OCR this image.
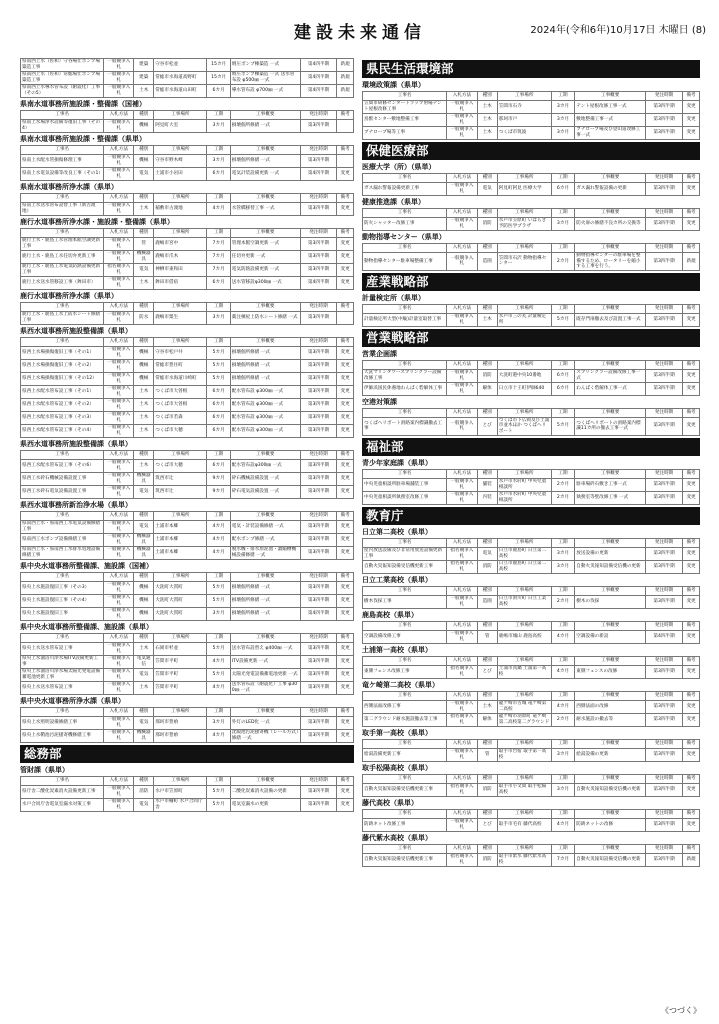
建設未来通信	2024年(令和6年)10月17日 木曜日 (8)
県南西上水（佐和）守谷場仕ポンプ場築造工事	一般競争入札	建築	守谷市松並	15カ月	増圧ポンプ棟築造 一式	第4四半期	新規
県南西上水（佐和）常総場仕ポンプ場築造工事	一般競争入札	建築	常総市水海道高野町	15カ月	増圧ポンプ棟築造 一式 送水管布設 φ500㎜ 一式	第4四半期	新規
県南西上水導水管布設（耐震化）工事（その5）	一般競争入札	土木	常総市水海道山田町	6カ月	導水管布設 φ700㎜ 一式	第4四半期	新規
県南水道事務所施設課・整備課（国補）
工事名	入札方法	種別	工事場所	工期	工事概要	発注時期	備考
県南上水場浄水設備等復旧工事（その4）	一般競争入札	機械	阿見町大室	3カ月	損壊個所修繕 一式	第3四半期	
県南水道事務所施設課・整備課（県単）
工事名	入札方法	種別	工事場所	工期	工事概要	発注時期	備考
県南上水配水管損傷修理工事	一般競争入札	機械	守谷市野木崎	3カ月	損壊個所修繕 一式	第3四半期	
県南上水電気設備等改良工事（その1）	一般競争入札	電気	土浦市小岩田	6カ月	電気計装設備更新 一式	第4四半期	変更
県南水道事務所浄水課（県単）
工事名	入札方法	種別	工事場所	工期	工事概要	発注時期	備考
県南上水送水管布設替工事（新古渡地）	一般競争入札	土木	稲敷市古渡地	4カ月	水管橋移替工事 一式	第3四半期	変更
鹿行水道事務所浄水課・施設課・整備課（県単）
工事名	入札方法	種別	工事場所	工期	工事概要	発注時期	備考
鹿行上水・鹿島工水管理本館空調更新工事	一般競争入札	管	鹿嶋市宮中	7カ月	管理本館空調更新 一式	第3四半期	変更
鹿行上水・鹿島工水任切弁更新工事	一般競争入札	機械器具	鹿嶋市爪木	7カ月	任切弁更新 一式	第3四半期	変更
鹿行上水・鹿島工水電気防熱設備更新工事	指名競争入札	電気	神栖市東和田	7カ月	電気防熱設備更新 一式	第3四半期	変更
鹿行上水送水管移設工事（鉾田市）	一般競争入札	土木	鉾田市借宿	6カ月	送水管移設φ300㎜ 一式	第4四半期	変更
鹿行水道事務所浄水課（県単）
工事名	入札方法	種別	工事場所	工期	工事概要	発注時期	備考
鹿行上水・鹿島工水上防水シート修繕工事	一般競争入札	防水	鹿嶋市粟生	3カ月	薬注棟屋上防水シート修繕 一式	第3四半期	
県西水道事務所施設整備課（県単）
工事名	入札方法	種別	工事場所	工期	工事概要	発注時期	備考
県西上水場損傷復旧工事（その1）	一般競争入札	機械	守谷市松戸井	5カ月	損壊個所修繕 一式	第3四半期	変更
県西上水場損傷復旧工事（その2）	一般競争入札	機械	常総市豊住町	5カ月	損壊個所修繕 一式	第3四半期	変更
県西上水場損傷復旧工事（その12）	一般競争入札	機械	常総市水海道川崎町	5カ月	損壊個所修繕 一式	第3四半期	変更
県西上水配水管布設工事（その1）	一般競争入札	土木	つくば市大曽根	6カ月	配水管布設 φ300㎜ 一式	第3四半期	変更
県西上水配水管布設工事（その2）	一般競争入札	土木	つくば市大曽根	6カ月	配水管布設 φ300㎜ 一式	第3四半期	変更
県西上水配水管布設工事（その3）	一般競争入札	土木	つくば市若森	6カ月	配水管布設 φ300㎜ 一式	第3四半期	変更
県西上水配水管布設工事（その4）	一般競争入札	土木	つくば市大穂	6カ月	配水管布設 φ300㎜ 一式	第3四半期	変更
県西水道事務所施設整備課（県単）
工事名	入札方法	種別	工事場所	工期	工事概要	発注時期	備考
県西工水配水管布設工事（その6）	一般競争入札	土木	つくば市大穂	6カ月	配水管布設φ300㎜ 一式	第3四半期	変更
県西工水砕石機械設備設置工事	一般競争入札	機械器具	筑西市辻	9カ月	砕石機械設備設置 一式	第3四半期	変更
県西工水砕石電気設備設置工事	一般競争入札	電気	筑西市辻	9カ月	砕石電気設備設置 一式	第3四半期	変更
県西水道事務所新治浄水場（県単）
工事名	入札方法	種別	工事場所	工期	工事概要	発注時期	備考
県南西上水・県南西工水電気設備修繕工事	一般競争入札	電気	土浦市本郷	4カ月	電気・計装設備修繕 一式	第3四半期	変更
県南西工水ポンプ設備修繕工事	一般競争入札	機械器具	土浦市本郷	4カ月	配水ポンプ修繕 一式	第3四半期	変更
県南西上水・県南西工水排水処理設備修繕工事	一般競争入札	機械器具	土浦市本郷	4カ月	脱水機・排水原泥池・濃縮槽機械設備修繕 一式	第3四半期	変更
県中央水道事務所整備課、施設課（国補）
工事名	入札方法	種別	工事場所	工期	工事概要	発注時期	備考
県央上水施設復旧工事（その3）	一般競争入札	機械	大洗町大貫町	5カ月	損壊個所修繕 一式	第3四半期	変更
県央上水施設復旧工事（その4）	一般競争入札	機械	大洗町大貫町	5カ月	損壊個所修繕 一式	第3四半期	変更
県央上水施設復旧工事	一般競争入札	機械	大洗町大貫町	3カ月	損壊個所修繕 一式	第4四半期	変更
県中央水道事務所整備課、施設課（県単）
工事名	入札方法	種別	工事場所	工期	工事概要	発注時期	備考
県央上水送水管布設工事	一般競争入札	土木	石岡市杉並	5カ月	送水管布設替え φ400㎜ 一式	第3四半期	変更
県央上水涸沼川浄水場ITV設備更新工事	一般競争入札	電気通信	笠間市平町	4カ月	ITV設備更新 一式	第3四半期	変更
県央上水涸沼川浄水場太陽光発電設備蓄電池更新工事	一般競争入札	電気	笠間市平町	5カ月	太陽光発電設備蓄電池更新 一式	第3四半期	変更
県央上水送水管布設工事	一般競争入札	土木	笠間市平町	4カ月	送水管布設（耐震化）工事 φ300㎜ 一式	第3四半期	変更
県中央水道事務所浄水課（県単）
工事名	入札方法	種別	工事場所	工期	工事概要	発注時期	備考
県央上水照明設備修繕工事	一般競争入札	電気	那珂市豊喰	3カ月	外灯のLED化 一式	第3四半期	変更
県央上水鞘池汚泥搔寄機修繕工事	一般競争入札	機械器具	那珂市豊喰	4カ月	沈殿池汚泥掻寄機（レール方式）修繕 一式	第3四半期	変更
総務部
管財課（県単）
工事名	入札方法	種別	工事場所	工期	工事概要	発注時期	備考
県庁舎二酸化炭素消火設備更新工事	一般競争入札	消防	水戸市笠原町	5カ月	二酸化炭素消火設備の更新	第3四半期	変更
水戸合同庁舎電気室漏水対策工事	一般競争入札	電気	水戸市柵町 水戸合同庁舎	5カ月	電気室漏水の更新	第3四半期	変更
県民生活環境部
環境政策課（県単）
工事名	入札方法	種別	工事場所	工期	工事概要	発注時期	備考
笠間市研修センタートラップ射場テント屋根改修工事	一般競争入札	土木	笠間市石寺	3カ月	テント屋根改修工事一式	第3四半期	変更
鳥獣センター敷地整備工事	一般競争入札	土木	那珂市戸	3カ月	敷地整備工事一式	第3四半期	変更
ブナロープ場等工事	一般競争入札	土木	つくば市筑波	3カ月	ブナロープ場及び登山道改修工事一式	第3四半期	変更
保健医療部
医療大学（所）（県単）
工事名	入札方法	種別	工事場所	工期	工事概要	発注時期	備考
ガス漏れ警報設備更新工事	一般競争入札	電気	阿見町阿見 医療大学	6カ月	ガス漏れ警報設備の更新	第3四半期	変更
健康推進課（県単）
工事名	入札方法	種別	工事場所	工期	工事概要	発注時期	備考
防火シャッター改修工事	一般競争入札	消防	水戸市笠原町 いばらき予防医学プラザ	3カ月	防火扉の修繕不良カ所の交換等	第3四半期	変更
動物指導センター（県単）
工事名	入札方法	種別	工事場所	工期	工事概要	発注時期	備考
動物指導センター駐車場整備工事	一般競争入札	造園	笠間市石沢 動物指導センター	2カ月	動物指導センターの駐車場を整備するため、ロータリーを縮小する工事を行う。	第3四半期	新規
産業戦略部
計量検定所（県単）
工事名	入札方法	種別	工事場所	工期	工事概要	発注時期	備考
計量検定所大型(中級)計量室取替工事	一般競争入札	土木	水戸市三の丸 計量検定所	5カ月	既存門扉撤去及び設置工事一式	第3四半期	変更
営業戦略部
営業企画課
工事名	入札方法	種別	工事場所	工期	工事概要	発注時期	備考
大洗マリンタワースプリンクラー設備改修工事	一般競争入札	消防	大洗町港中央10番地	6カ月	スプリンクラー設備改修工事一式	第3四半期	変更
伊師浜国民休養地わんぱく砦解体工事	一般競争入札	解体	日立市十王町伊師640	6カ月	わんぱく砦解体工事一式	第3四半期	変更
空港対策課
工事名	入札方法	種別	工事場所	工期	工事概要	発注時期	備考
つくばヘリポート滑路案内標識撤去工事	一般競争入札	とび	つくば市下広岡及び土浦市並木ほか つくばヘリポート	5カ月	つくばヘリポートの滑路案内標識11カ所の撤去工事一式	第3四半期	変更
福祉部
青少年家庭課（県単）
工事名	入札方法	種別	工事場所	工期	工事概要	発注時期	備考
中央児童相談所駐車場舗装工事	一般競争入札	舗装	水戸市水府町 中央児童相談所	2カ月	駐車場砕石敷き工事一式	第3四半期	変更
中央児童相談所執務室改修工事	一般競争入札	内装	水戸市水府町 中央児童相談所	2カ月	執務室等壁改修工事 一式	第3四半期	変更
教育庁
日立第二高校（県単）
工事名	入札方法	種別	工事場所	工期	工事概要	発注時期	備考
屋内放送設備及び非常用放送設備更新工事	指名競争入札	電気	日立市鹿島町 日立第二高校	3カ月	放送設備の更新	第3四半期	変更
自動火災報知設備受信機更新工事	指名競争入札	消防	日立市鹿島町 日立第二高校	3カ月	自動火災報知設備受信機の更新	第3四半期	変更
日立工業高校（県単）
工事名	入札方法	種別	工事場所	工期	工事概要	発注時期	備考
樹木伐採工事	一般競争入札	造園	日立市滑川町 日立工業高校	2カ月	樹木の伐採	第3四半期	変更
鹿島高校（県単）
工事名	入札方法	種別	工事場所	工期	工事概要	発注時期	備考
空調設備改修工事	一般競争入札	管	鹿嶋市城山 鹿島高校	4カ月	空調設備の新設	第4四半期	変更
土浦第一高校（県単）
工事名	入札方法	種別	工事場所	工期	工事概要	発注時期	備考
東側フェンス改修工事	指名競争入札	とび	土浦市真鍋 土浦第一高校	4カ月	東側フェンスの改修	第3四半期	変更
竜ケ崎第二高校（県単）
工事名	入札方法	種別	工事場所	工期	工事概要	発注時期	備考
西側法面改修工事	一般競争入札	土木	龍ケ崎市古城 竜ケ崎第二高校	4カ月	西側法面の改修	第3四半期	変更
第二グラウンド耐水施設撤去等工事	指名競争入札	解体	龍ケ崎市羽原町 竜ケ崎第二高校第二グラウンド	2カ月	耐水施設の撤去等	第3四半期	変更
取手第一高校（県単）
工事名	入札方法	種別	工事場所	工期	工事概要	発注時期	備考
給湯設備更新工事	一般競争入札	管	取手市台宿 取手第一高校	3カ月	給湯設備の更新	第3四半期	変更
取手松陽高校（県単）
工事名	入札方法	種別	工事場所	工期	工事概要	発注時期	備考
自動火災報知設備受信機更新工事	指名競争入札	消防	取手市小文間 取手松陽高校	3カ月	自動火災報知設備受信機の更新	第3四半期	変更
藤代高校（県単）
工事名	入札方法	種別	工事場所	工期	工事概要	発注時期	備考
防鋳ネット改修工事	一般競争入札	とび	取手市毛有 藤代高校	4カ月	防鋳ネットの改修	第3四半期	変更
藤代紫水高校（県単）
工事名	入札方法	種別	工事場所	工期	工事概要	発注時期	備考
自動火災報知設備受信機更新工事	指名競争入札	消防	取手市紫水 藤代紫水高校	7カ月	自動火災報知設備受信機の更新	第3四半期	新規
《つづく》
